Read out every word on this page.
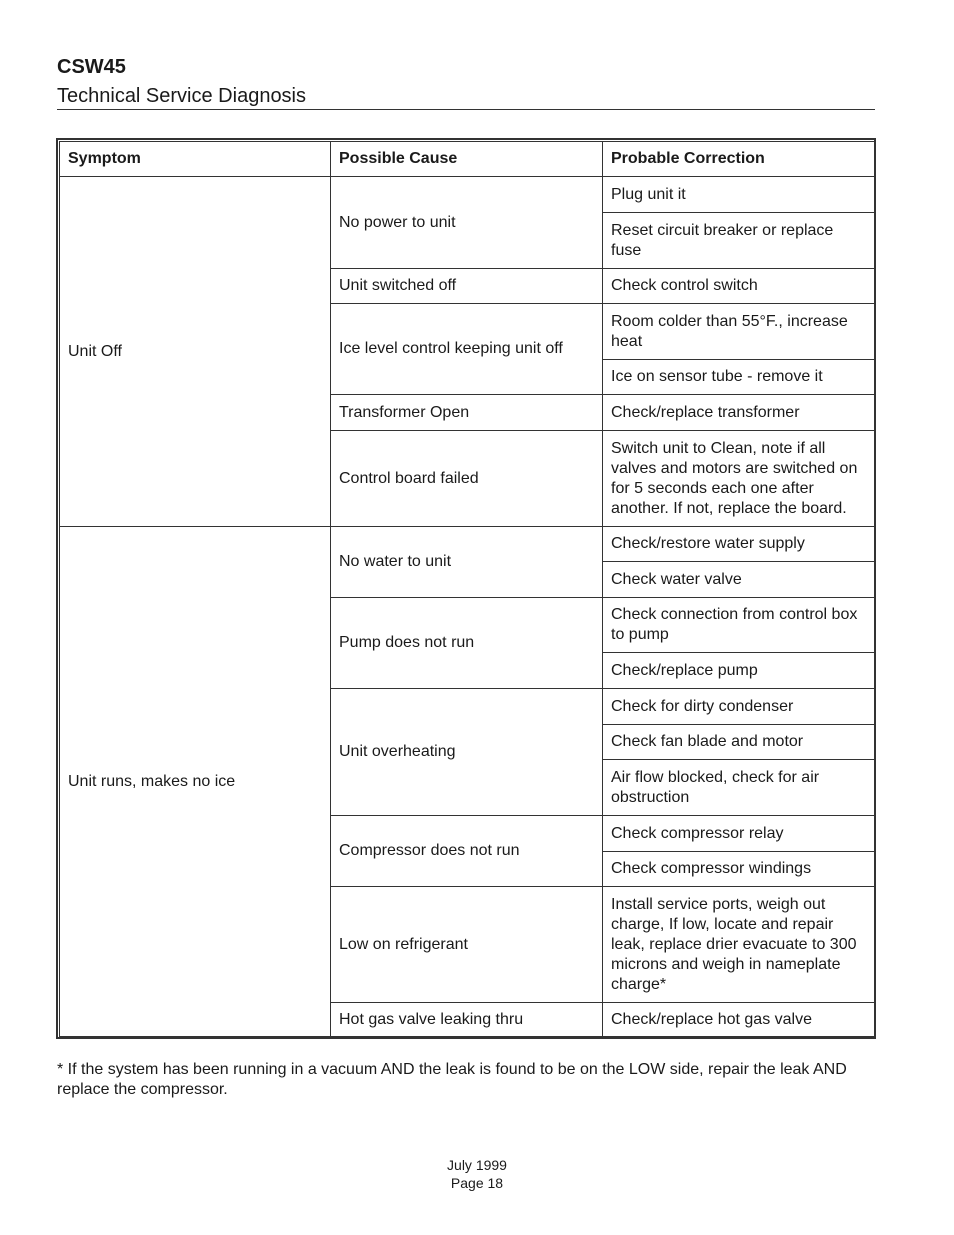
CSW45
Technical Service Diagnosis
Symptom	Possible Cause	Probable Correction
Unit Off
Unit runs, makes no ice
No power to unit
Unit switched off
Ice level control keeping unit off
Transformer Open
Control board failed
No water to unit
Pump does not run
Unit overheating
Compressor does not run
Low on refrigerant
Hot gas valve leaking thru
Plug unit it
Reset circuit breaker or replace fuse
Check control switch
Room colder than 55°F., increase heat
Ice on sensor tube - remove it
Check/replace transformer
Switch unit to Clean, note if all valves and motors are switched on for 5 seconds each one after another. If not, replace the board.
Check/restore water supply
Check water valve
Check connection from control box to pump
Check/replace pump
Check for dirty condenser
Check fan blade and motor
Air flow blocked, check for air obstruction
Check compressor relay
Check compressor windings
Install service ports, weigh out charge, If low, locate and repair leak, replace drier evacuate to 300 microns and weigh in nameplate charge*
Check/replace hot gas valve
* If the system has been running in a vacuum AND the leak is found to be on the LOW side, repair the leak AND replace the compressor.
July 1999
Page 18
